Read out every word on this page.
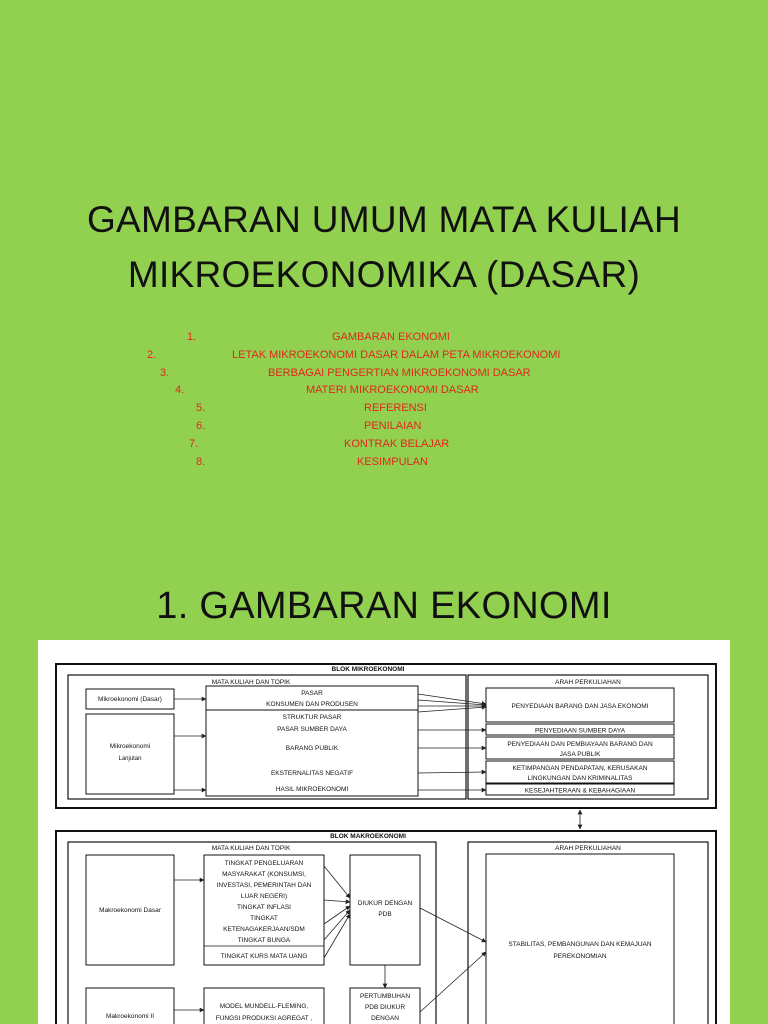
GAMBARAN UMUM MATA KULIAH
MIKROEKONOMIKA (DASAR)
1.	GAMBARAN EKONOMI
2.	LETAK MIKROEKONOMI DASAR DALAM PETA MIKROEKONOMI
3.	BERBAGAI PENGERTIAN MIKROEKONOMI DASAR
4.	MATERI MIKROEKONOMI DASAR
5.	REFERENSI
6.	PENILAIAN
7.	KONTRAK BELAJAR
8.	KESIMPULAN
1. GAMBARAN EKONOMI
BLOK MIKROEKONOMI
MATA KULIAH DAN TOPIK
Mikroekonomi (Dasar)
Mikroekonomi
Lanjutan
PASAR
KONSUMEN DAN PRODUSEN
STRUKTUR PASAR
PASAR SUMBER DAYA
BARANG PUBLIK
EKSTERNALITAS NEGATIF
HASIL MIKROEKONOMI
ARAH PERKULIAHAN
PENYEDIAAN BARANG DAN JASA EKONOMI
PENYEDIAAN SUMBER DAYA
PENYEDIAAN DAN PEMBIAYAAN BARANG DAN
JASA PUBLIK
KETIMPANGAN PENDAPATAN, KERUSAKAN
LINGKUNGAN DAN KRIMINALITAS
KESEJAHTERAAN & KEBAHAGIAAN
BLOK MAKROEKONOMI
MATA KULIAH DAN TOPIK
Makroekonomi Dasar
Makroekonomi II
TINGKAT PENGELUARAN
MASYARAKAT (KONSUMSI,
INVESTASI, PEMERINTAH DAN
LUAR NEGERI)
TINGKAT INFLASI
TINGKAT
KETENAGAKERJAAN/SDM
TINGKAT BUNGA
TINGKAT KURS MATA UANG
DIUKUR DENGAN
PDB
MODEL MUNDELL-FLEMING,
FUNGSI PRODUKSI AGREGAT ,
PERTUMBUHAN
PDB DIUKUR
DENGAN
ARAH PERKULIAHAN
STABILITAS, PEMBANGUNAN DAN KEMAJUAN
PEREKONOMIAN
